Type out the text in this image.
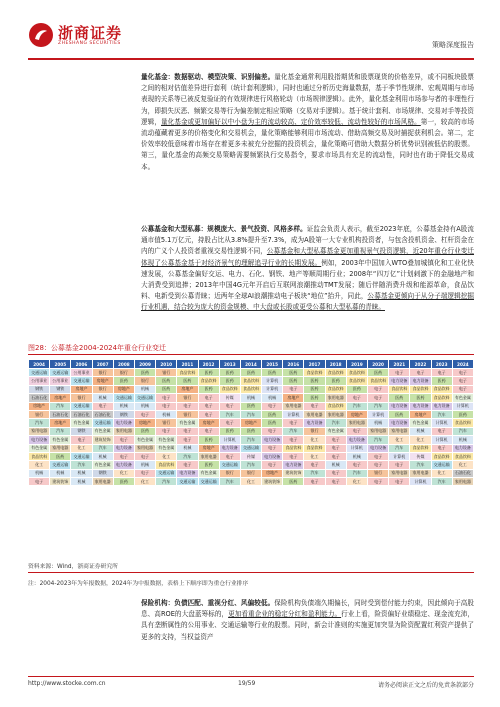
浙商证券
ZHESHANG SECURITIES	策略深度报告
量化基金：数据驱动、模型决策、识别偏差。量化基金通常利用股指期货和股票现货的价格差异，或不同板块股票之间的相对估值差异进行套利（统计套利逻辑），同时也通过分析历史海量数据，基于季节性规律、宏观周期与市场表现的关系等已被反复验证的有效规律进行风格轮动（市场规律逻辑）。此外，量化基金利用市场参与者的非理性行为，即损失厌恶、频繁交易等行为偏差制定相应策略（交易对手逻辑）。基于统计套利、市场规律、交易对手等投资逻辑，量化基金或更加偏好以中小盘为主的流动较高、定价效率较低、流动性较好的市场风格。第一，较高的市场流动蕴藏着更多的价格变化和交易机会，量化策略能够利用市场流动、借助高频交易及时捕捉获利机会。第二，定价效率较低意味着市场存在着更多未被充分挖掘的投资机会，量化策略可借助大数据分析优势识别被低估的股票。第三，量化基金的高频交易策略需要频繁执行交易指令，要求市场具有充足的流动性，同时也有助于降低交易成本。
公募基金和大型私募：规模庞大、景气投资、风格多样。证监会负责人表示，截至2023年底，公募基金持有A股流通市值5.1万亿元，持股占比从3.8%提升至7.3%，成为A股第一大专业机构投资者，与包含投机资金、杠杆资金在内的广义个人投资者重视交易性逻辑不同，公募基金和大型私募基金更加重视景气投资逻辑，近20年重仓行业变迁体现了公募基金基于对经济景气的理解追寻行业的长期发展。例如，2003年中国加入WTO叠加城镇化和工业化快速发展，公募基金偏好交运、电力、石化、钢铁、地产等顺周期行业；2008年“四万亿”计划刺激下的金融地产和大消费受到追捧；2013年中国4G元年开启后互联网浪潮推动TMT发展；随后伴随消费升级和能源革命，食品饮料、电新受到公募青睐；近两年全球AI浪潮推动电子板块“地位”抬升，同此，公募基金更倾向于从分子端逻辑挖掘行业机遇，结合较为庞大的资金规模、中大盘或长股或更受公募和大型私募的青睐。
图28：公募基金2004-2024年重仓行业变迁
2004	2005	2006	2007	2008	2009	2010	2011	2012	2013	2014	2015	2016	2017	2018	2019	2020	2021	2022	2023	2024
交通运输	交通运输	公用事业	银行	银行	医药	银行	食品饮料	医药	医药	医药	医药	医药	食品饮料	食品饮料	食品饮料	医药	电子	电子	电子	电子
公用事业	公用事业	交通运输	房地产	医药	银行	医药	医药	食品饮料	医药	食品饮料	计算机	医药	医药	医药	食品饮料	食品饮料	电力设备	电力设备	医药	电子
钢铁	钢铁	房地产	银行	房地产	机械	医药	房地产	医药	食品饮料	食品饮料	计算机	电子	医药	食品饮料	医药	电子	食品饮料	食品饮料	食品饮料	电子
石油石化	房地产	银行	机械	交通运输	交通运输	电子	银行	电子	传媒	机械	机械	房地产	医药	家用电器	电子	电子	医药	医药	食品饮料	有色金属
房地产	汽车	交通运输	电子	机械	机械	电子	电子	电子	电子	医药	电子	家用电器	电子	食品饮料	汽车	汽车	电力设备	电力设备	电力设备	计算机
银行	石油石化	石油石化	石油石化	钢铁	电子	机械	银行	电子	汽车	汽车	医药	计算机	家用电器	家用电器	房地产	计算机	医药	房地产	汽车	医药
汽车	房地产	有色金属	交通运输	电力设备	房地产	银行	有色金属	房地产	电子	房地产	医药	电子	电力设备	汽车	家用电器	机械	电力设备	有色金属	计算机	食品饮料
家用电器	汽车	钢铁	有色金属	家用电器	医药	电子	电子	电子	医药	医药	电子	汽车	银行	有色金属	电子	家用电器	家用电器	机械	电子	汽车
电力设备	有色金属	电子	建筑装饰	电子	有色金属	有色金属	电子	医药	计算机	汽车	电力设备	电子	化工	电子	电力设备	汽车	化工	化工	计算机	机械
有色金属	家用电器	化工	汽车	电力设备	家用电器	有色金属	机械	房地产	电力设备	交通运输	电子	食品饮料	食品饮料	电子	计算机	电力设备	汽车	食品饮料	电子	电力设备
食品饮料	医药	交通运输	机械	电子	电子	化工	汽车	家用电器	电子	传媒	电力设备	电子	化工	电子	机械	电子	计算机	传媒	食品饮料	食品饮料
化工	交通运输	汽车	有色金属	电力设备	机械	食品饮料	电子	医药	交通运输	汽车	电子	电力设备	电子	机械	电子	电子	电子	汽车	交通运输	化工
机械	机械	机械	钢铁	化工	电子	交通运输	电力设备	有色金属	银行	银行	房地产	建筑装饰	汽车	电子	汽车	银行	家用电器	家用电器	化工	石油石化
电子	建筑装饰	机械	家用电器	医药	化工	汽车	交通运输	交通运输	汽车	化工	建筑装饰	医药	电子	电子	化工	电子	电子	计算机	汽车	家用电器
资料来源：Wind，浙商证券研究所
注：2004-2023年为年报数据，2024年为中报数据，表格上下顺序即为重仓行业排序
保险机构：负债匹配、重视分红、风偏较低。保险机构负债端久期偏长，同时受到偿付能力约束，因此倾向于高股息、高ROE的大盘蓝筹标的，更加看重企业的稳定分红和盈利能力。行业上看，险资偏好业绩稳定、现金流充沛，具有垄断属性的公用事业、交通运输等行业的股票。同时，新会计准则的实施更加突显为险资配置红利资产提供了更多的支持，当权益资产
http://www.stocke.com.cn	19/59	请务必阅读正文之后的免责条款部分
